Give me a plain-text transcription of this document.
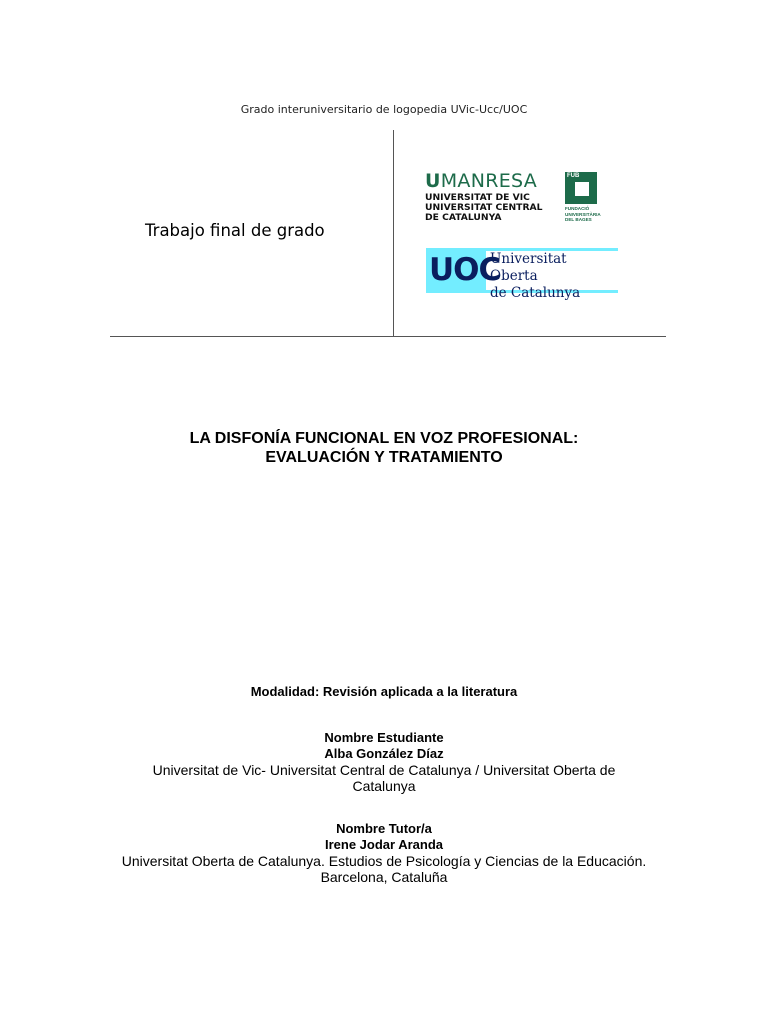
Grado interuniversitario de logopedia UVic-Ucc/UOC
Trabajo final de grado
UMANRESA
UNIVERSITAT DE VIC
UNIVERSITAT CENTRAL
DE CATALUNYA
FUB
FUNDACIÓ
UNIVERSITÀRIA
DEL BAGES
UOC
Universitat Oberta
de Catalunya
LA DISFONÍA FUNCIONAL EN VOZ PROFESIONAL:
EVALUACIÓN Y TRATAMIENTO
Modalidad: Revisión aplicada a la literatura
Nombre Estudiante
Alba González Díaz
Universitat de Vic- Universitat Central de Catalunya / Universitat Oberta de
Catalunya
Nombre Tutor/a
Irene Jodar Aranda
Universitat Oberta de Catalunya. Estudios de Psicología y Ciencias de la Educación.
Barcelona, Cataluña
